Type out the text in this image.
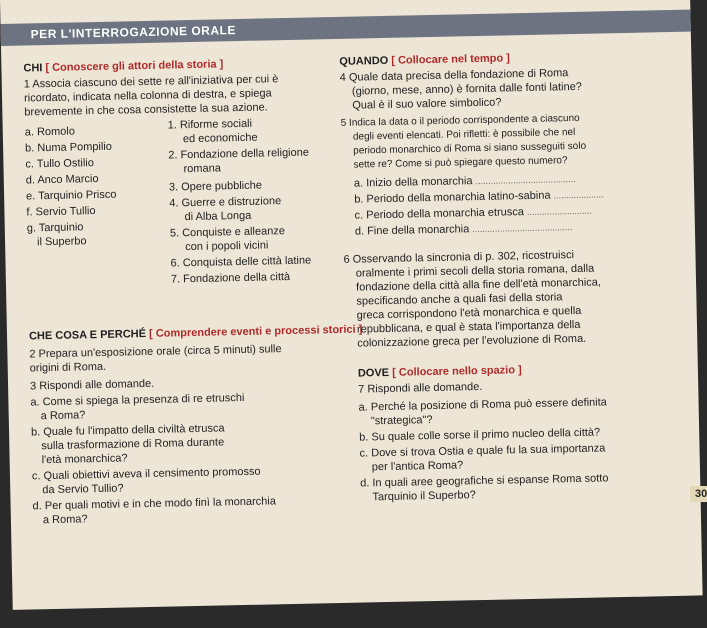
PER L'INTERROGAZIONE ORALE
CHI [ Conoscere gli attori della storia ]
1 Associa ciascuno dei sette re all'iniziativa per cui è
ricordato, indicata nella colonna di destra, e spiega
brevemente in che cosa consistette la sua azione.
a. Romolo
b. Numa Pompilio
c. Tullo Ostilio
d. Anco Marcio
e. Tarquinio Prisco
f. Servio Tullio
g. Tarquinio
il Superbo
1. Riforme sociali
ed economiche
2. Fondazione della religione
romana
3. Opere pubbliche
4. Guerre e distruzione
di Alba Longa
5. Conquiste e alleanze
con i popoli vicini
6. Conquista delle città latine
7. Fondazione della città
CHE COSA E PERCHÉ [ Comprendere eventi e processi storici ]
2 Prepara un'esposizione orale (circa 5 minuti) sulle
origini di Roma.
3 Rispondi alle domande.
a. Come si spiega la presenza di re etruschi
a Roma?
b. Quale fu l'impatto della civiltà etrusca
sulla trasformazione di Roma durante
l'età monarchica?
c. Quali obiettivi aveva il censimento promosso
da Servio Tullio?
d. Per quali motivi e in che modo finì la monarchia
a Roma?
QUANDO [ Collocare nel tempo ]
4 Quale data precisa della fondazione di Roma
(giorno, mese, anno) è fornita dalle fonti latine?
Qual è il suo valore simbolico?
5 Indica la data o il periodo corrispondente a ciascuno
degli eventi elencati. Poi rifletti: è possibile che nel
periodo monarchico di Roma si siano susseguiti solo
sette re? Come si può spiegare questo numero?
a. Inizio della monarchia ........................................
b. Periodo della monarchia latino-sabina ....................
c. Periodo della monarchia etrusca ..........................
d. Fine della monarchia ........................................
6 Osservando la sincronia di p. 302, ricostruisci
oralmente i primi secoli della storia romana, dalla
fondazione della città alla fine dell'età monarchica,
specificando anche a quali fasi della storia
greca corrispondono l'età monarchica e quella
repubblicana, e qual è stata l'importanza della
colonizzazione greca per l'evoluzione di Roma.
DOVE [ Collocare nello spazio ]
7 Rispondi alle domande.
a. Perché la posizione di Roma può essere definita
"strategica"?
b. Su quale colle sorse il primo nucleo della città?
c. Dove si trova Ostia e quale fu la sua importanza
per l'antica Roma?
d. In quali aree geografiche si espanse Roma sotto
Tarquinio il Superbo?	30
